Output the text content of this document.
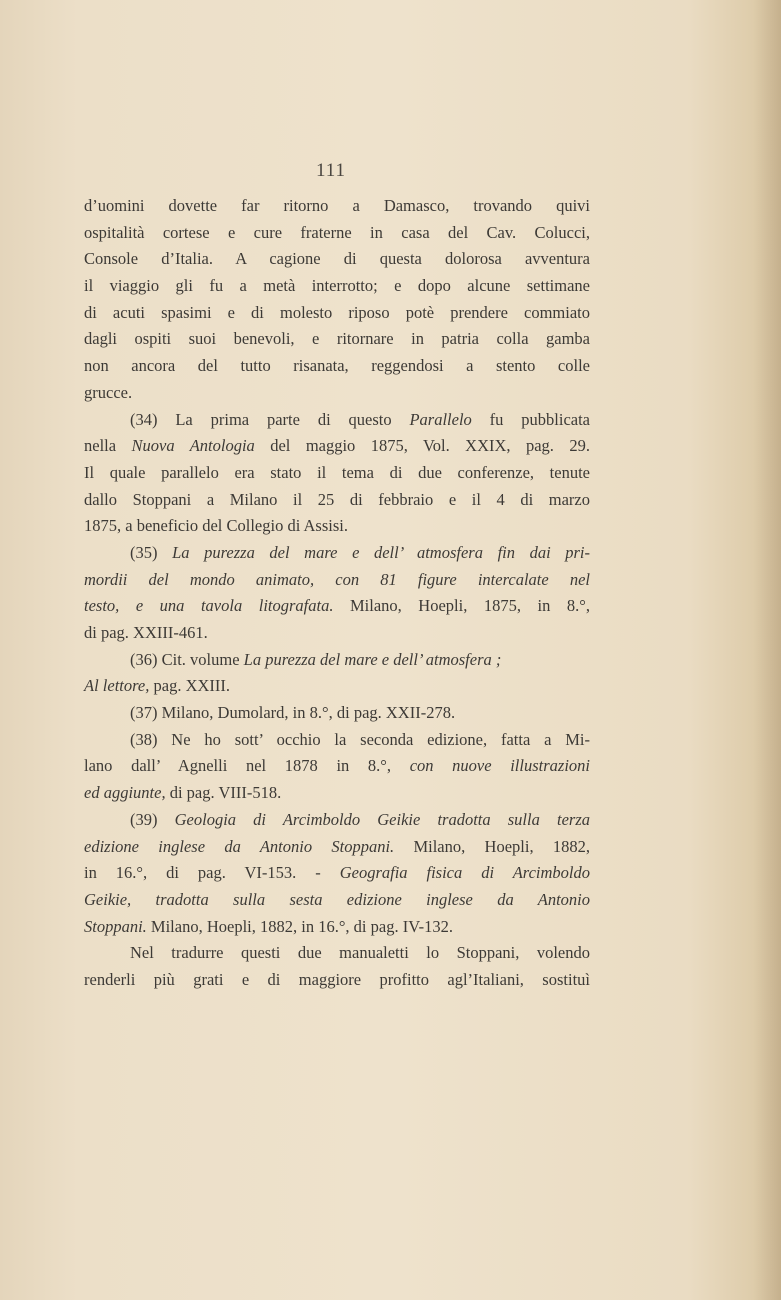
111
d’uomini dovette far ritorno a Damasco, trovando quivi
ospitalità cortese e cure fraterne in casa del Cav. Colucci,
Console d’Italia. A cagione di questa dolorosa avventura
il viaggio gli fu a metà interrotto; e dopo alcune settimane
di acuti spasimi e di molesto riposo potè prendere commiato
dagli ospiti suoi benevoli, e ritornare in patria colla gamba
non ancora del tutto risanata, reggendosi a stento colle
grucce.
(34) La prima parte di questo Parallelo fu pubblicata
nella Nuova Antologia del maggio 1875, Vol. XXIX, pag. 29.
Il quale parallelo era stato il tema di due conferenze, tenute
dallo Stoppani a Milano il 25 di febbraio e il 4 di marzo
1875, a beneficio del Collegio di Assisi.
(35) La purezza del mare e dell’ atmosfera fin dai pri-
mordii del mondo animato, con 81 figure intercalate nel
testo, e una tavola litografata. Milano, Hoepli, 1875, in 8.°,
di pag. XXIII-461.
(36) Cit. volume La purezza del mare e dell’ atmosfera ;
Al lettore, pag. XXIII.
(37) Milano, Dumolard, in 8.°, di pag. XXII-278.
(38) Ne ho sott’ occhio la seconda edizione, fatta a Mi-
lano dall’ Agnelli nel 1878 in 8.°, con nuove illustrazioni
ed aggiunte, di pag. VIII-518.
(39) Geologia di Arcimboldo Geikie tradotta sulla terza
edizione inglese da Antonio Stoppani. Milano, Hoepli, 1882,
in 16.°, di pag. VI-153. - Geografia fisica di Arcimboldo
Geikie, tradotta sulla sesta edizione inglese da Antonio
Stoppani. Milano, Hoepli, 1882, in 16.°, di pag. IV-132.
Nel tradurre questi due manualetti lo Stoppani, volendo
renderli più grati e di maggiore profitto agl’Italiani, sostituì
